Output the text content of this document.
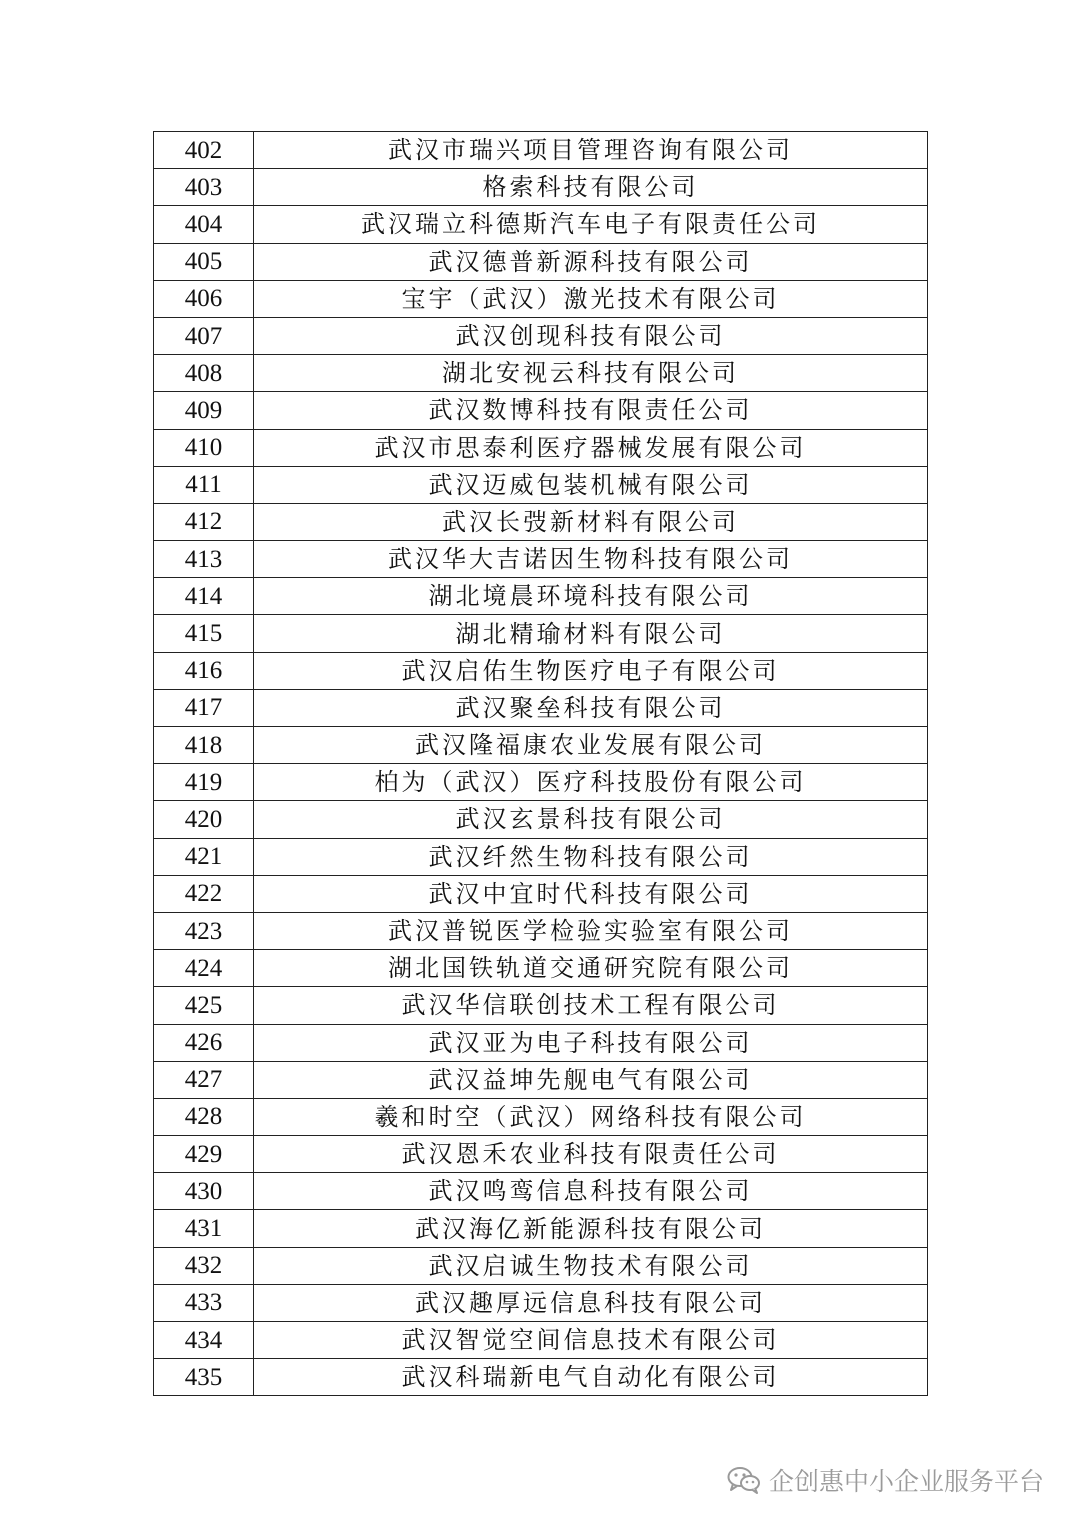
402	武汉市瑞兴项目管理咨询有限公司
403	格索科技有限公司
404	武汉瑞立科德斯汽车电子有限责任公司
405	武汉德普新源科技有限公司
406	宝宇（武汉）激光技术有限公司
407	武汉创现科技有限公司
408	湖北安视云科技有限公司
409	武汉数博科技有限责任公司
410	武汉市思泰利医疗器械发展有限公司
411	武汉迈威包装机械有限公司
412	武汉长弢新材料有限公司
413	武汉华大吉诺因生物科技有限公司
414	湖北境晨环境科技有限公司
415	湖北精瑜材料有限公司
416	武汉启佑生物医疗电子有限公司
417	武汉聚垒科技有限公司
418	武汉隆福康农业发展有限公司
419	柏为（武汉）医疗科技股份有限公司
420	武汉玄景科技有限公司
421	武汉纤然生物科技有限公司
422	武汉中宜时代科技有限公司
423	武汉普锐医学检验实验室有限公司
424	湖北国铁轨道交通研究院有限公司
425	武汉华信联创技术工程有限公司
426	武汉亚为电子科技有限公司
427	武汉益坤先舰电气有限公司
428	羲和时空（武汉）网络科技有限公司
429	武汉恩禾农业科技有限责任公司
430	武汉鸣鸾信息科技有限公司
431	武汉海亿新能源科技有限公司
432	武汉启诚生物技术有限公司
433	武汉趣厚远信息科技有限公司
434	武汉智觉空间信息技术有限公司
435	武汉科瑞新电气自动化有限公司
企创惠中小企业服务平台
